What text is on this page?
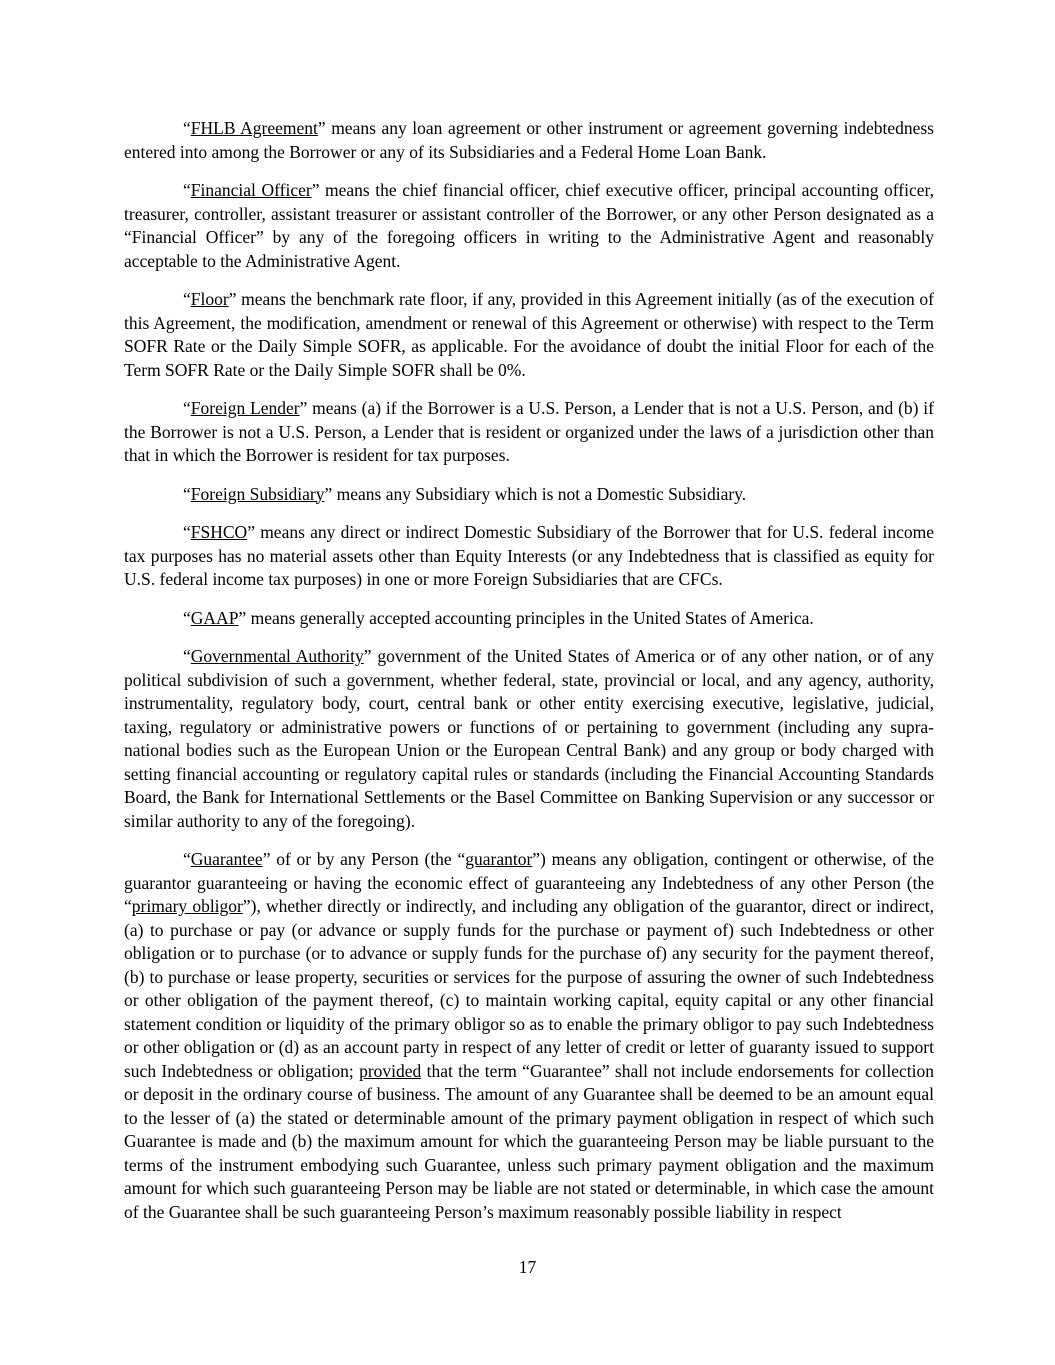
“FHLB Agreement” means any loan agreement or other instrument or agreement governing indebtedness entered into among the Borrower or any of its Subsidiaries and a Federal Home Loan Bank.

“Financial Officer” means the chief financial officer, chief executive officer, principal accounting officer, treasurer, controller, assistant treasurer or assistant controller of the Borrower, or any other Person designated as a “Financial Officer” by any of the foregoing officers in writing to the Administrative Agent and reasonably acceptable to the Administrative Agent.

“Floor” means the benchmark rate floor, if any, provided in this Agreement initially (as of the execution of this Agreement, the modification, amendment or renewal of this Agreement or otherwise) with respect to the Term SOFR Rate or the Daily Simple SOFR, as applicable. For the avoidance of doubt the initial Floor for each of the Term SOFR Rate or the Daily Simple SOFR shall be 0%.

“Foreign Lender” means (a) if the Borrower is a U.S. Person, a Lender that is not a U.S. Person, and (b) if the Borrower is not a U.S. Person, a Lender that is resident or organized under the laws of a jurisdiction other than that in which the Borrower is resident for tax purposes.

“Foreign Subsidiary” means any Subsidiary which is not a Domestic Subsidiary.

“FSHCO” means any direct or indirect Domestic Subsidiary of the Borrower that for U.S. federal income tax purposes has no material assets other than Equity Interests (or any Indebtedness that is classified as equity for U.S. federal income tax purposes) in one or more Foreign Subsidiaries that are CFCs.

“GAAP” means generally accepted accounting principles in the United States of America.

“Governmental Authority” government of the United States of America or of any other nation, or of any political subdivision of such a government, whether federal, state, provincial or local, and any agency, authority, instrumentality, regulatory body, court, central bank or other entity exercising executive, legislative, judicial, taxing, regulatory or administrative powers or functions of or pertaining to government (including any supra-national bodies such as the European Union or the European Central Bank) and any group or body charged with setting financial accounting or regulatory capital rules or standards (including the Financial Accounting Standards Board, the Bank for International Settlements or the Basel Committee on Banking Supervision or any successor or similar authority to any of the foregoing).

“Guarantee” of or by any Person (the “guarantor”) means any obligation, contingent or otherwise, of the guarantor guaranteeing or having the economic effect of guaranteeing any Indebtedness of any other Person (the “primary obligor”), whether directly or indirectly, and including any obligation of the guarantor, direct or indirect, (a) to purchase or pay (or advance or supply funds for the purchase or payment of) such Indebtedness or other obligation or to purchase (or to advance or supply funds for the purchase of) any security for the payment thereof, (b) to purchase or lease property, securities or services for the purpose of assuring the owner of such Indebtedness or other obligation of the payment thereof, (c) to maintain working capital, equity capital or any other financial statement condition or liquidity of the primary obligor so as to enable the primary obligor to pay such Indebtedness or other obligation or (d) as an account party in respect of any letter of credit or letter of guaranty issued to support such Indebtedness or obligation; provided that the term “Guarantee” shall not include endorsements for collection or deposit in the ordinary course of business. The amount of any Guarantee shall be deemed to be an amount equal to the lesser of (a) the stated or determinable amount of the primary payment obligation in respect of which such Guarantee is made and (b) the maximum amount for which the guaranteeing Person may be liable pursuant to the terms of the instrument embodying such Guarantee, unless such primary payment obligation and the maximum amount for which such guaranteeing Person may be liable are not stated or determinable, in which case the amount of the Guarantee shall be such guaranteeing Person’s maximum reasonably possible liability in respect

17
